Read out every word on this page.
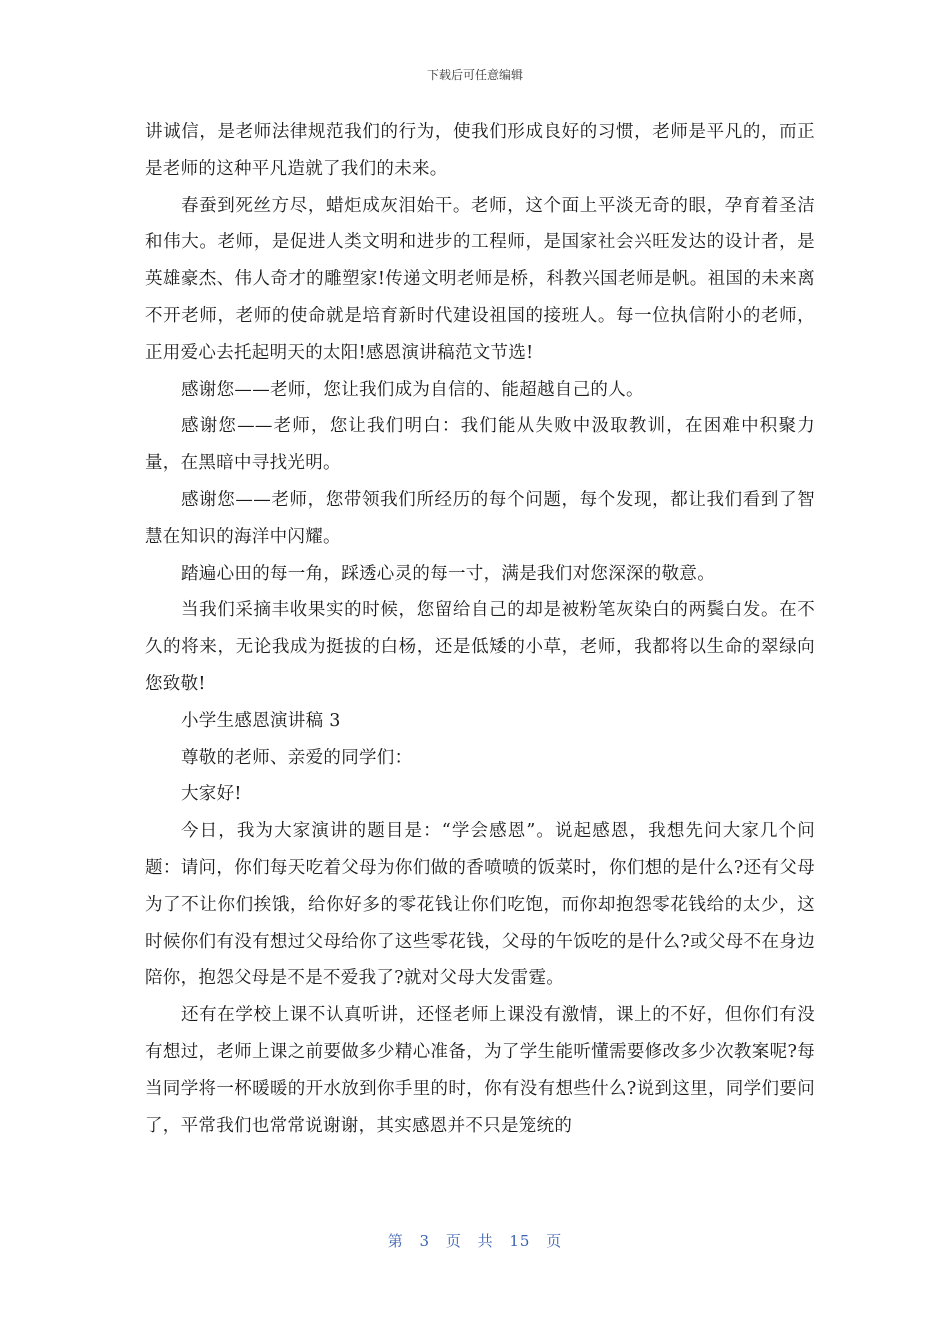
下载后可任意编辑

讲诚信，是老师法律规范我们的行为，使我们形成良好的习惯，老师是平凡的，而正是老师的这种平凡造就了我们的未来。

春蚕到死丝方尽，蜡炬成灰泪始干。老师，这个面上平淡无奇的眼，孕育着圣洁和伟大。老师，是促进人类文明和进步的工程师，是国家社会兴旺发达的设计者，是英雄豪杰、伟人奇才的雕塑家!传递文明老师是桥，科教兴国老师是帆。祖国的未来离不开老师，老师的使命就是培育新时代建设祖国的接班人。每一位执信附小的老师，正用爱心去托起明天的太阳!感恩演讲稿范文节选!

感谢您——老师，您让我们成为自信的、能超越自己的人。

感谢您——老师，您让我们明白：我们能从失败中汲取教训，在困难中积聚力量，在黑暗中寻找光明。

感谢您——老师，您带领我们所经历的每个问题，每个发现，都让我们看到了智慧在知识的海洋中闪耀。

踏遍心田的每一角，踩透心灵的每一寸，满是我们对您深深的敬意。

当我们采摘丰收果实的时候，您留给自己的却是被粉笔灰染白的两鬓白发。在不久的将来，无论我成为挺拔的白杨，还是低矮的小草，老师，我都将以生命的翠绿向您致敬!

小学生感恩演讲稿 3

尊敬的老师、亲爱的同学们：

大家好!

今日，我为大家演讲的题目是：“学会感恩”。说起感恩，我想先问大家几个问题：请问，你们每天吃着父母为你们做的香喷喷的饭菜时，你们想的是什么?还有父母为了不让你们挨饿，给你好多的零花钱让你们吃饱，而你却抱怨零花钱给的太少，这时候你们有没有想过父母给你了这些零花钱，父母的午饭吃的是什么?或父母不在身边陪你，抱怨父母是不是不爱我了?就对父母大发雷霆。

还有在学校上课不认真听讲，还怪老师上课没有激情，课上的不好，但你们有没有想过，老师上课之前要做多少精心准备，为了学生能听懂需要修改多少次教案呢?每当同学将一杯暖暖的开水放到你手里的时，你有没有想些什么?说到这里，同学们要问了，平常我们也常常说谢谢，其实感恩并不只是笼统的

第 3 页 共 15 页
